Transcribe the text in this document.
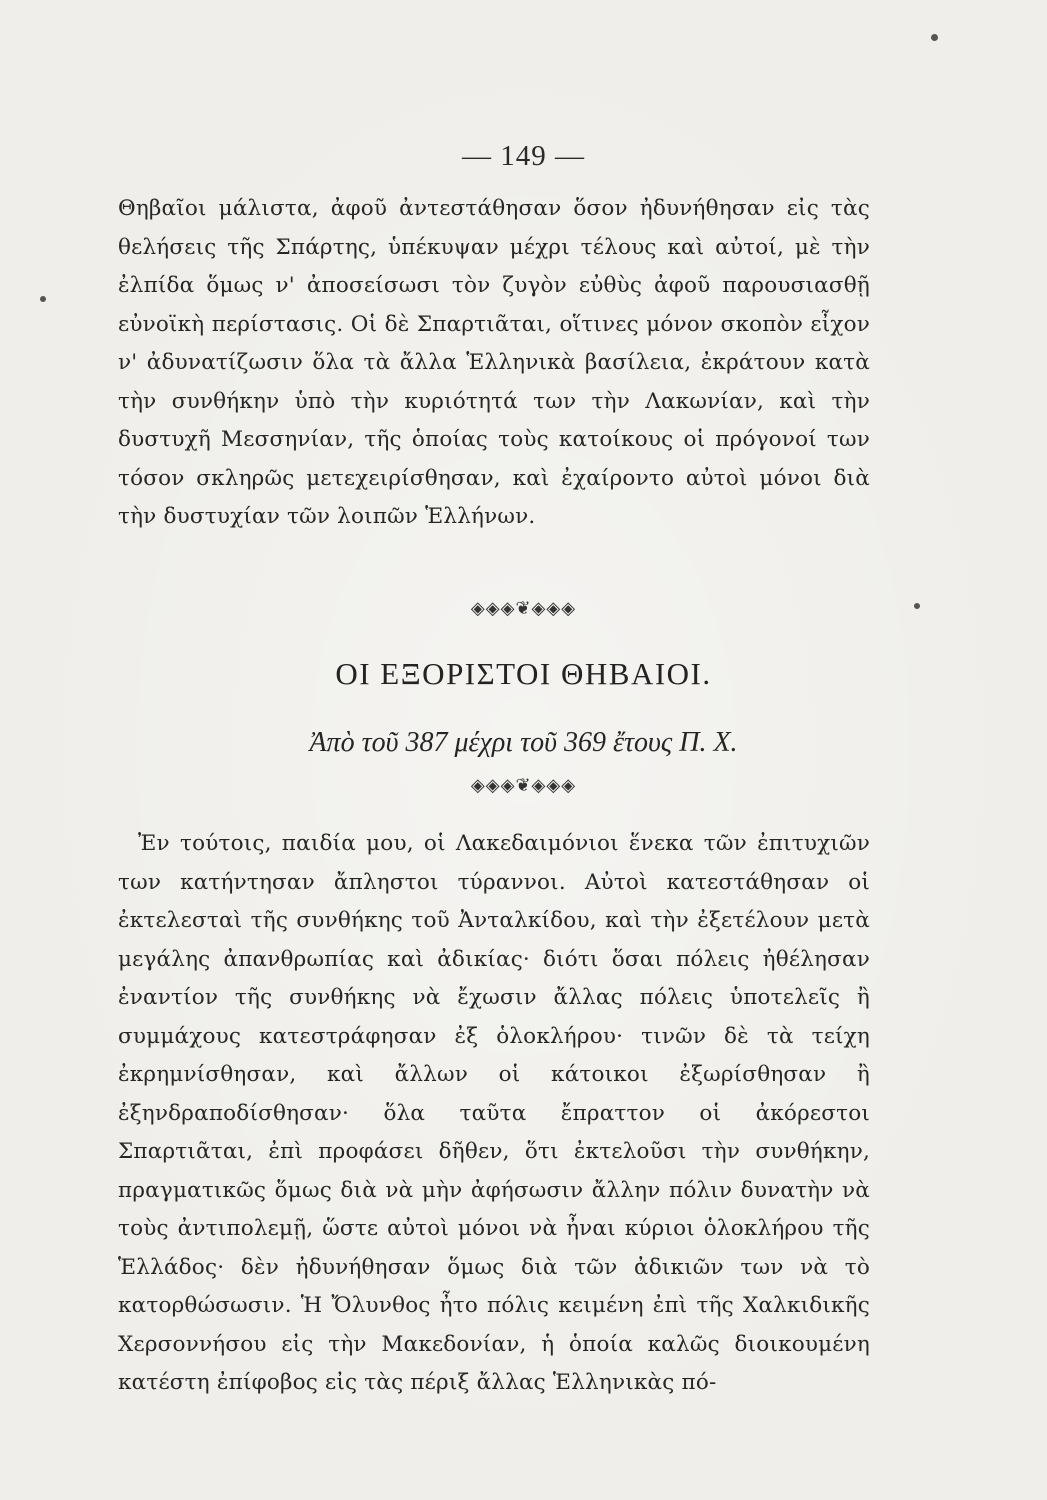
— 149 —

Θηβαῖοι μάλιστα, ἀφοῦ ἀντεστάθησαν ὅσον ἠδυνήθησαν εἰς τὰς θελήσεις τῆς Σπάρτης, ὑπέκυψαν μέχρι τέλους καὶ αὐτοί, μὲ τὴν ἐλπίδα ὅμως ν' ἀποσείσωσι τὸν ζυγὸν εὐθὺς ἀφοῦ παρουσιασθῇ εὐνοϊκὴ περίστασις. Οἱ δὲ Σπαρτιᾶται, οἵτινες μόνον σκοπὸν εἶχον ν' ἀδυνατίζωσιν ὅλα τὰ ἄλλα Ἑλληνικὰ βασίλεια, ἐκράτουν κατὰ τὴν συνθήκην ὑπὸ τὴν κυριότητά των τὴν Λακωνίαν, καὶ τὴν δυστυχῆ Μεσσηνίαν, τῆς ὁποίας τοὺς κατοίκους οἱ πρόγονοί των τόσον σκληρῶς μετεχειρίσθησαν, καὶ ἐχαίροντο αὐτοὶ μόνοι διὰ τὴν δυστυχίαν τῶν λοιπῶν Ἑλλήνων.

◈◈◈❦◈◈◈
ΟΙ ΕΞΟΡΙΣΤΟΙ ΘΗΒΑΙΟΙ.
Ἀπὸ τοῦ 387 μέχρι τοῦ 369 ἔτους Π. Χ.
◈◈◈❦◈◈◈

Ἐν τούτοις, παιδία μου, οἱ Λακεδαιμόνιοι ἕνεκα τῶν ἐπιτυχιῶν των κατήντησαν ἄπληστοι τύραννοι. Αὐτοὶ κατεστάθησαν οἱ ἐκτελεσταὶ τῆς συνθήκης τοῦ Ἀνταλκίδου, καὶ τὴν ἐξετέλουν μετὰ μεγάλης ἀπανθρωπίας καὶ ἀδικίας· διότι ὅσαι πόλεις ἠθέλησαν ἐναντίον τῆς συνθήκης νὰ ἔχωσιν ἄλλας πόλεις ὑποτελεῖς ἢ συμμάχους κατεστράφησαν ἐξ ὁλοκλήρου· τινῶν δὲ τὰ τείχη ἐκρημνίσθησαν, καὶ ἄλλων οἱ κάτοικοι ἐξωρίσθησαν ἢ ἐξηνδραποδίσθησαν· ὅλα ταῦτα ἔπραττον οἱ ἀκόρεστοι Σπαρτιᾶται, ἐπὶ προφάσει δῆθεν, ὅτι ἐκτελοῦσι τὴν συνθήκην, πραγματικῶς ὅμως διὰ νὰ μὴν ἀφήσωσιν ἄλλην πόλιν δυνατὴν νὰ τοὺς ἀντιπολεμῇ, ὥστε αὐτοὶ μόνοι νὰ ἦναι κύριοι ὁλοκλήρου τῆς Ἑλλάδος· δὲν ἠδυνήθησαν ὅμως διὰ τῶν ἀδικιῶν των νὰ τὸ κατορθώσωσιν. Ἡ Ὄλυνθος ἦτο πόλις κειμένη ἐπὶ τῆς Χαλκιδικῆς Χερσοννήσου εἰς τὴν Μακεδονίαν, ἡ ὁποία καλῶς διοικουμένη κατέστη ἐπίφοβος εἰς τὰς πέριξ ἄλλας Ἑλληνικὰς πό-
